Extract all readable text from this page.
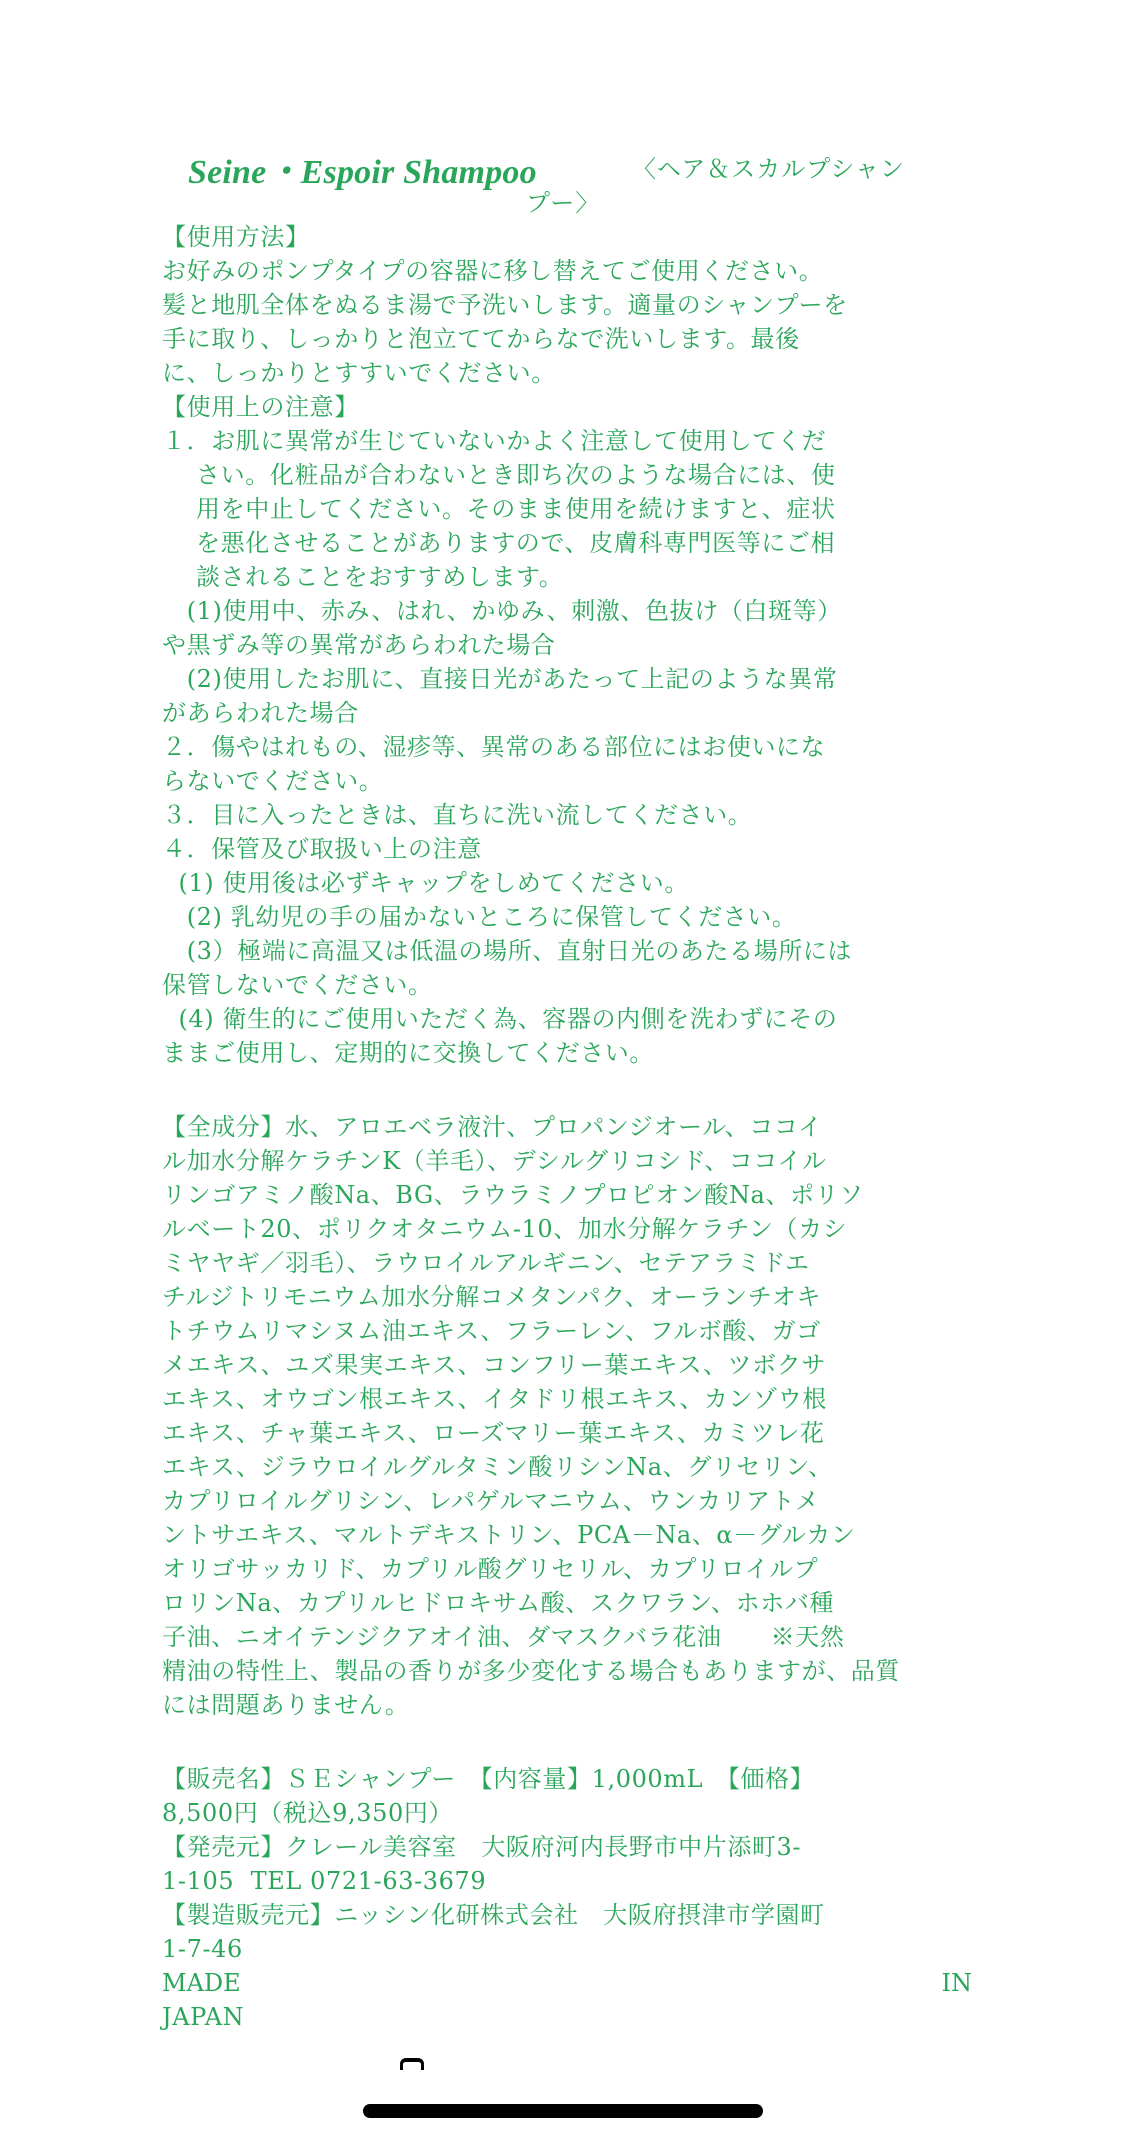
Seine・Espoir Shampoo	〈ヘア＆スカルプシャン
プー〉
【使用方法】
お好みのポンプタイプの容器に移し替えてご使用ください。
髪と地肌全体をぬるま湯で予洗いします。適量のシャンプーを
手に取り、しっかりと泡立ててからなで洗いします。最後
に、しっかりとすすいでください。
【使用上の注意】
１．お肌に異常が生じていないかよく注意して使用してくだ
さい。化粧品が合わないとき即ち次のような場合には、使
用を中止してください。そのまま使用を続けますと、症状
を悪化させることがありますので、皮膚科専門医等にご相
談されることをおすすめします。
(1)使用中、赤み、はれ、かゆみ、刺激、色抜け（白斑等）
や黒ずみ等の異常があらわれた場合
(2)使用したお肌に、直接日光があたって上記のような異常
があらわれた場合
２．傷やはれもの、湿疹等、異常のある部位にはお使いにな
らないでください。
３．目に入ったときは、直ちに洗い流してください。
４．保管及び取扱い上の注意
(1) 使用後は必ずキャップをしめてください。
(2) 乳幼児の手の届かないところに保管してください。
(3）極端に高温又は低温の場所、直射日光のあたる場所には
保管しないでください。
(4) 衛生的にご使用いただく為、容器の内側を洗わずにその
ままご使用し、定期的に交換してください。
【全成分】水、アロエベラ液汁、プロパンジオール、ココイ
ル加水分解ケラチンK（羊毛）、デシルグリコシド、ココイル
リンゴアミノ酸Na、BG、ラウラミノプロピオン酸Na、ポリソ
ルベート20、ポリクオタニウム-10、加水分解ケラチン（カシ
ミヤヤギ／羽毛）、ラウロイルアルギニン、セテアラミドエ
チルジトリモニウム加水分解コメタンパク、オーランチオキ
トチウムリマシヌム油エキス、フラーレン、フルボ酸、ガゴ
メエキス、ユズ果実エキス、コンフリー葉エキス、ツボクサ
エキス、オウゴン根エキス、イタドリ根エキス、カンゾウ根
エキス、チャ葉エキス、ローズマリー葉エキス、カミツレ花
エキス、ジラウロイルグルタミン酸リシンNa、グリセリン、
カプリロイルグリシン、レパゲルマニウム、ウンカリアトメ
ントサエキス、マルトデキストリン、PCA－Na、α－グルカン
オリゴサッカリド、カプリル酸グリセリル、カプリロイルプ
ロリンNa、カプリルヒドロキサム酸、スクワラン、ホホバ種
子油、ニオイテンジクアオイ油、ダマスクバラ花油　　※天然
精油の特性上、製品の香りが多少変化する場合もありますが、品質
には問題ありません。
【販売名】ＳＥシャンプー　【内容量】1,000mL　【価格】
8,500円（税込9,350円）
【発売元】クレール美容室　大阪府河内長野市中片添町3-
1-105  TEL 0721-63-3679
【製造販売元】ニッシン化研株式会社　大阪府摂津市学園町
1-7-46
MADE	IN
JAPAN
